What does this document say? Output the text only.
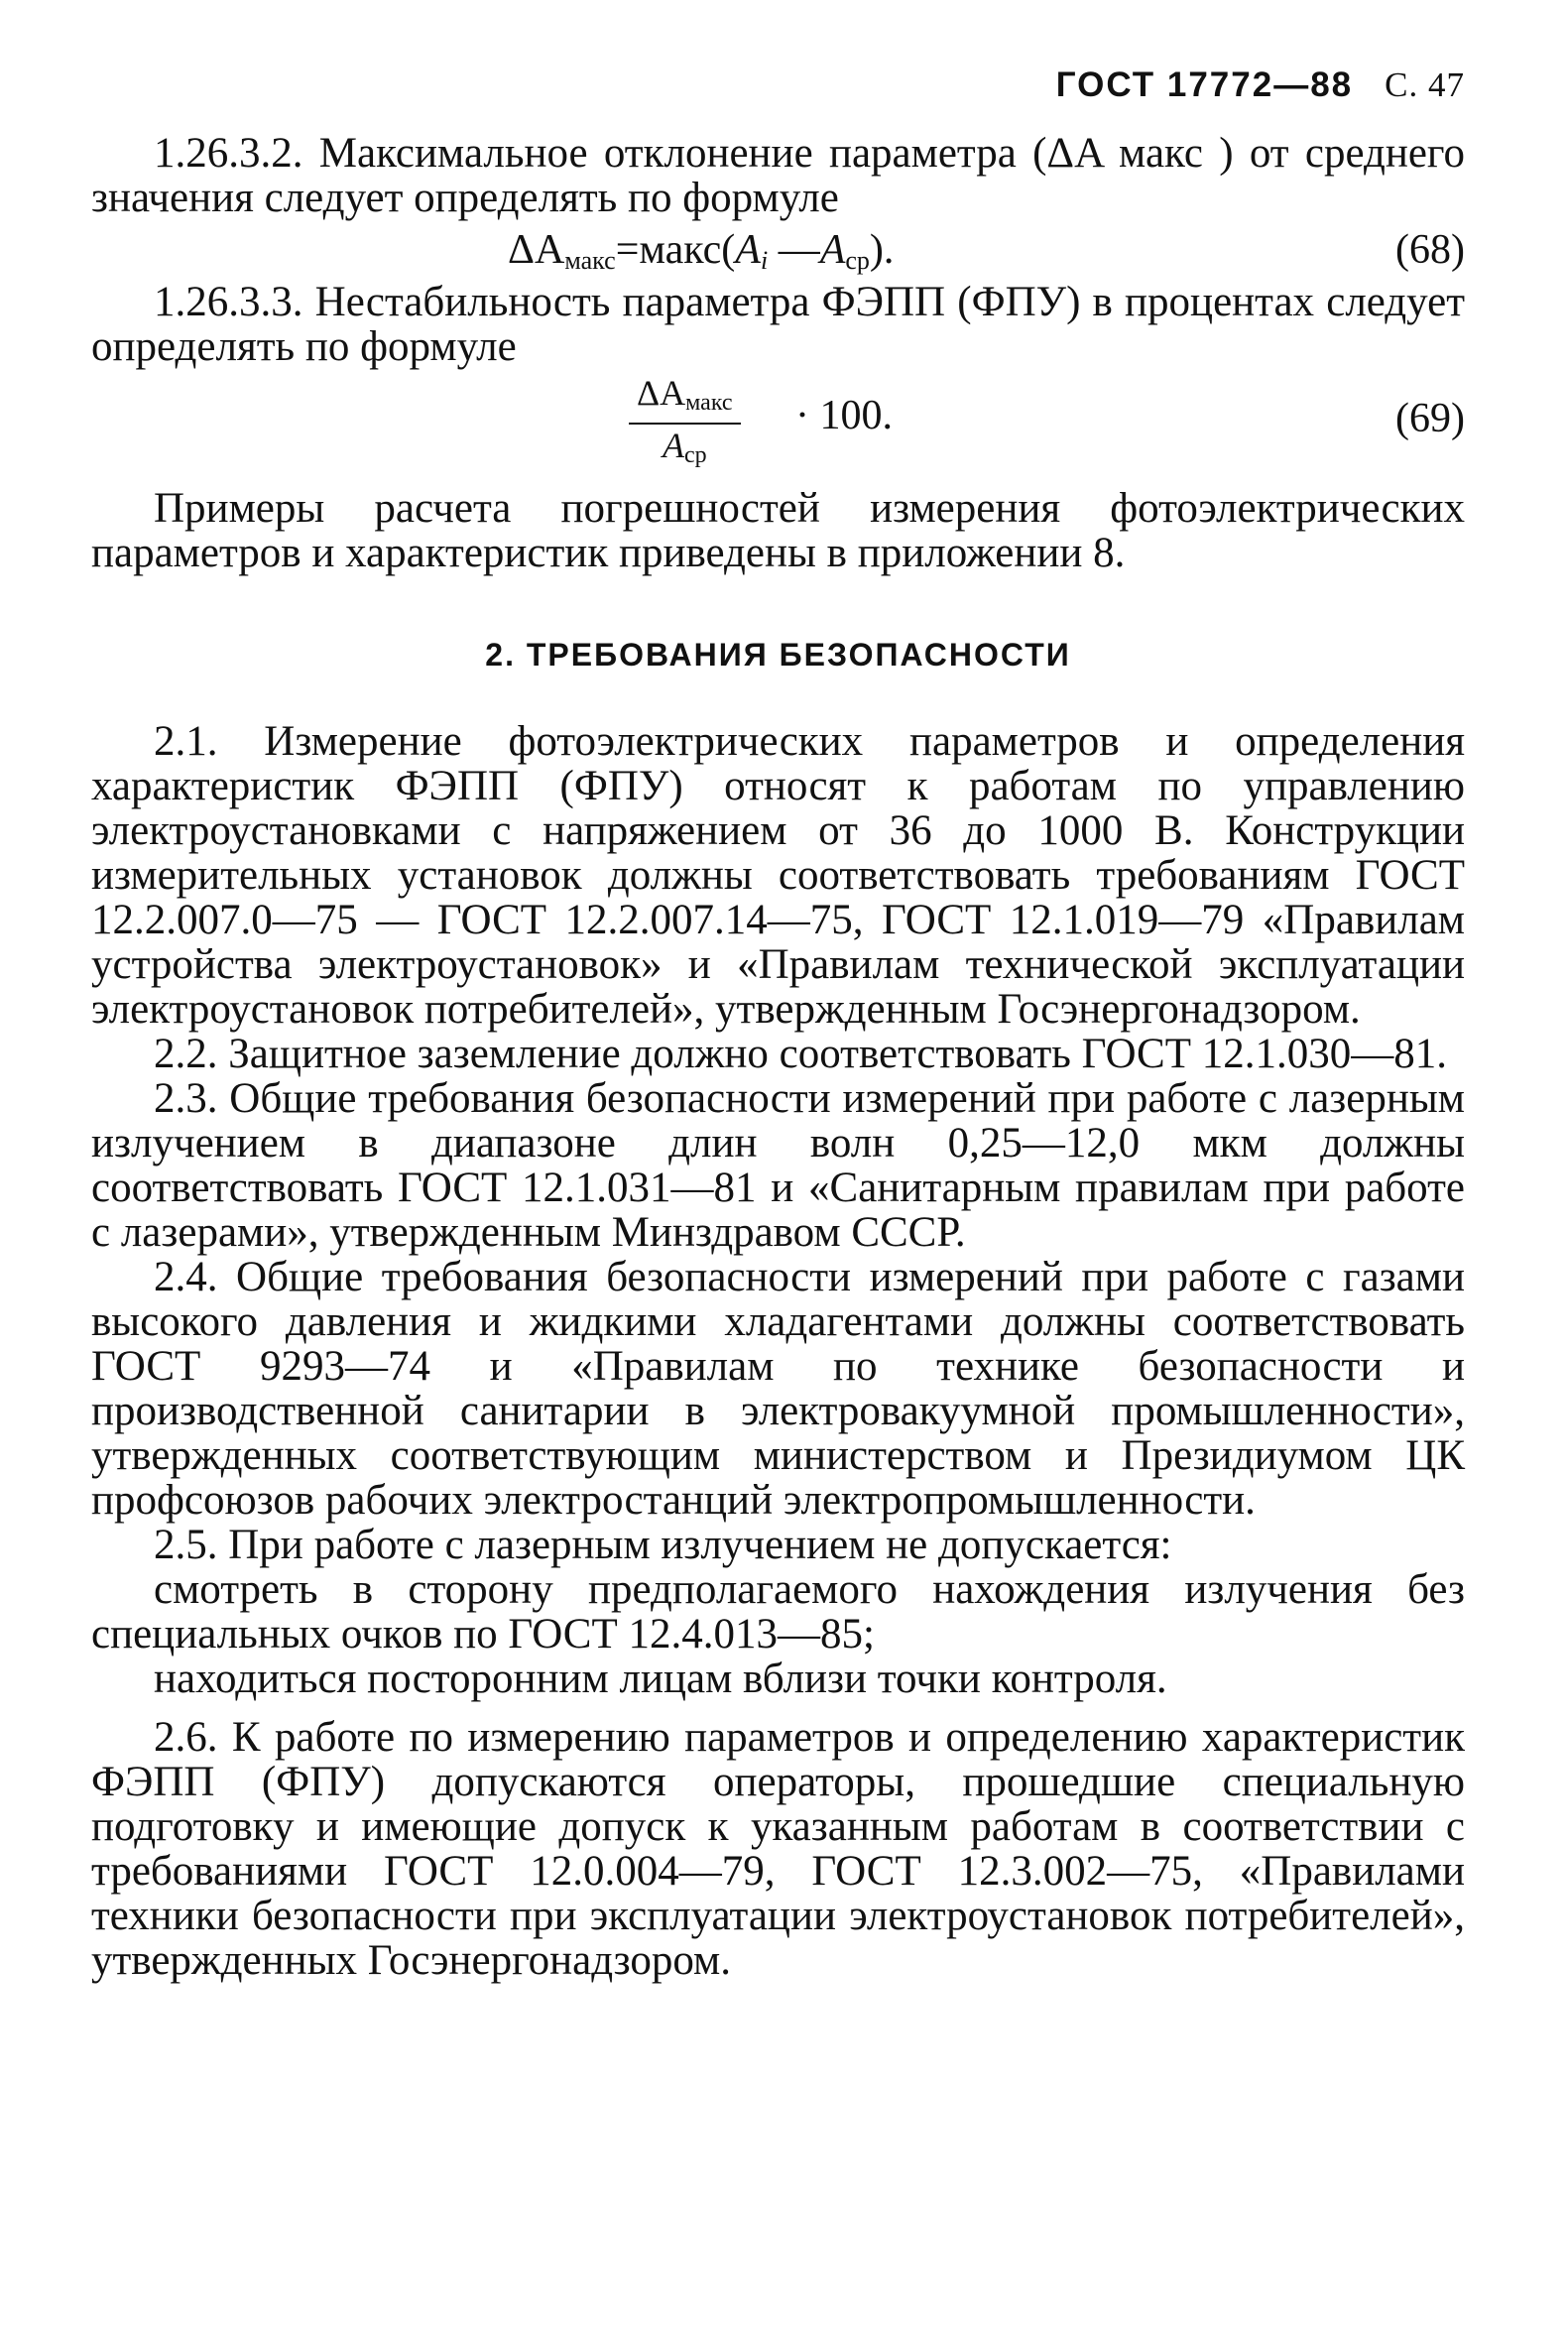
ГОСТ 17772—88 С. 47

1.26.3.2. Максимальное отклонение параметра (ΔA макс ) от среднего значения следует определять по формуле

$\Delta A_{макс}=макс(A_i$ $—A_{ср}$).	(68)

1.26.3.3. Нестабильность параметра ФЭПП (ФПУ) в процентах следует определять по формуле

$\Delta A_{макс}$
$A_{ср}$
· 100.	(69)

Примеры расчета погрешностей измерения фотоэлектрических параметров и характеристик приведены в приложении 8.

2. ТРЕБОВАНИЯ БЕЗОПАСНОСТИ

2.1. Измерение фотоэлектрических параметров и определения характеристик ФЭПП (ФПУ) относят к работам по управлению электроустановками с напряжением от 36 до 1000 В. Конструкции измерительных установок должны соответствовать требованиям ГОСТ 12.2.007.0—75 — ГОСТ 12.2.007.14—75, ГОСТ 12.1.019—79 «Правилам устройства электроустановок» и «Правилам технической эксплуатации электроустановок потребителей», утвержденным Госэнергонадзором.

2.2. Защитное заземление должно соответствовать ГОСТ 12.1.030—81.

2.3. Общие требования безопасности измерений при работе с лазерным излучением в диапазоне длин волн 0,25—12,0 мкм должны соответствовать ГОСТ 12.1.031—81 и «Санитарным правилам при работе с лазерами», утвержденным Минздравом СССР.

2.4. Общие требования безопасности измерений при работе с газами высокого давления и жидкими хладагентами должны соответствовать ГОСТ 9293—74 и «Правилам по технике безопасности и производственной санитарии в электровакуумной промышленности», утвержденных соответствующим министерством и Президиумом ЦК профсоюзов рабочих электростанций электропромышленности.

2.5. При работе с лазерным излучением не допускается:

смотреть в сторону предполагаемого нахождения излучения без специальных очков по ГОСТ 12.4.013—85;

находиться посторонним лицам вблизи точки контроля.

2.6. К работе по измерению параметров и определению характеристик ФЭПП (ФПУ) допускаются операторы, прошедшие специальную подготовку и имеющие допуск к указанным работам в соответствии с требованиями ГОСТ 12.0.004—79, ГОСТ 12.3.002—75, «Правилами техники безопасности при эксплуатации электроустановок потребителей», утвержденных Госэнергонадзором.
